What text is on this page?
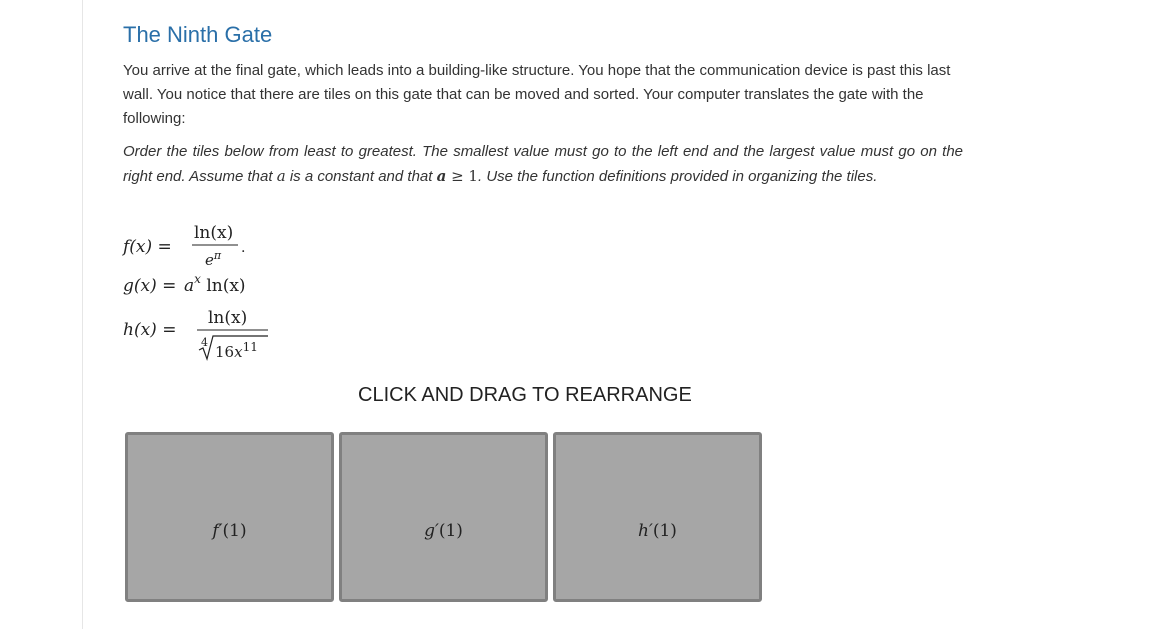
The Ninth Gate

You arrive at the final gate, which leads into a building-like structure. You hope that the communication device is past this last wall. You notice that there are tiles on this gate that can be moved and sorted. Your computer translates the gate with the following:

Order the tiles below from least to greatest. The smallest value must go to the left end and the largest value must go on the right end. Assume that a is a constant and that a ≥ 1. Use the function definitions provided in organizing the tiles.

f(x) =
ln(x)
$e^\pi$ .
$g(x) = a^x$ ln(x)
h(x) =
ln(x)
4
$16x^{11}$

CLICK AND DRAG TO REARRANGE

f′(1)	g′(1)	h′(1)
